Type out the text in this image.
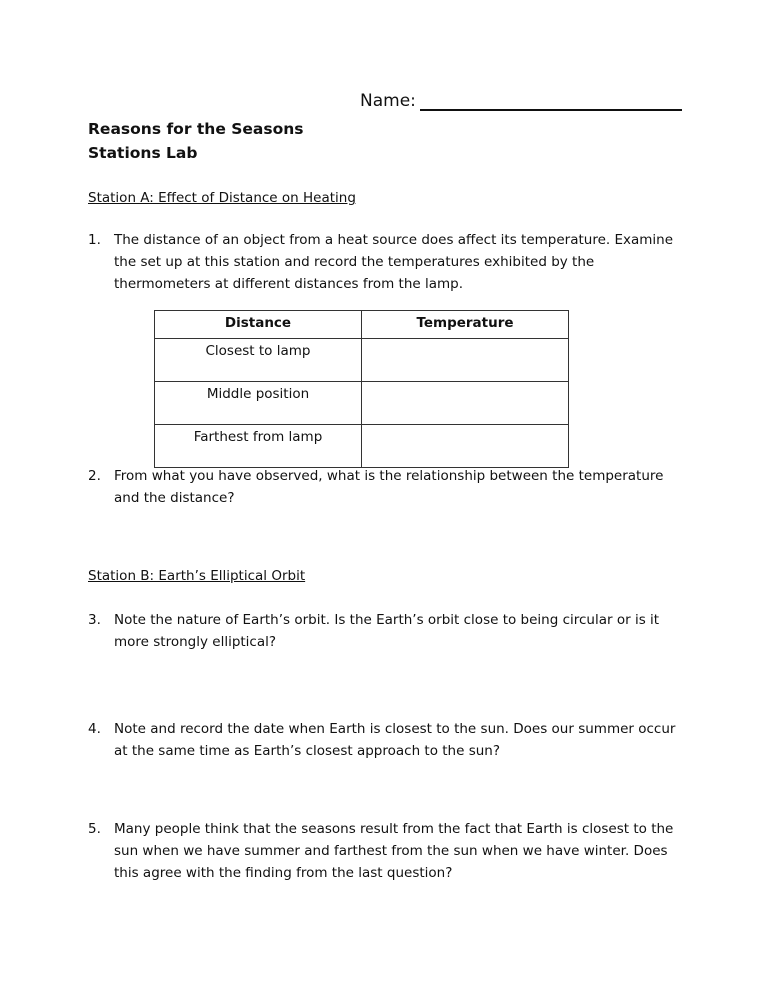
Name:
Reasons for the Seasons
Stations Lab
Station A: Effect of Distance on Heating
1. The distance of an object from a heat source does affect its temperature. Examine the set up at this station and record the temperatures exhibited by the thermometers at different distances from the lamp.
Distance	Temperature
Closest to lamp	
Middle position	
Farthest from lamp	
2. From what you have observed, what is the relationship between the temperature and the distance?
Station B: Earth’s Elliptical Orbit
3. Note the nature of Earth’s orbit. Is the Earth’s orbit close to being circular or is it more strongly elliptical?
4. Note and record the date when Earth is closest to the sun. Does our summer occur at the same time as Earth’s closest approach to the sun?
5. Many people think that the seasons result from the fact that Earth is closest to the sun when we have summer and farthest from the sun when we have winter. Does this agree with the finding from the last question?
